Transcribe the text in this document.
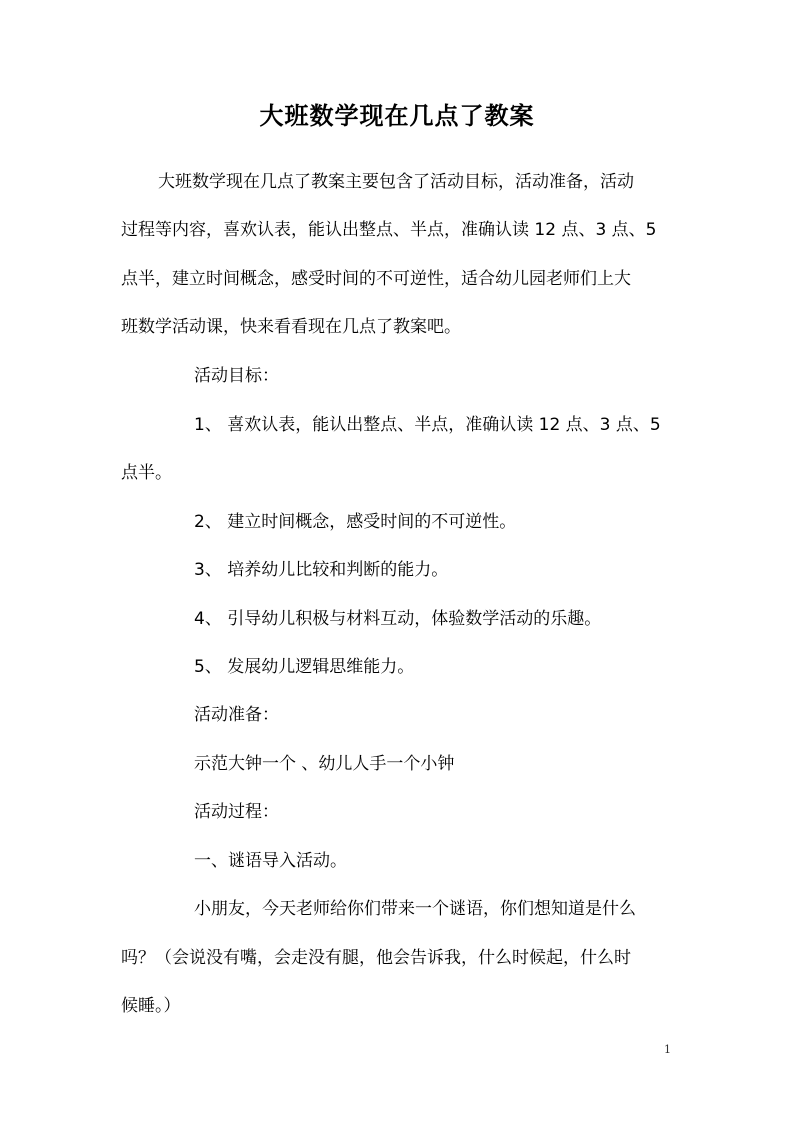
大班数学现在几点了教案
大班数学现在几点了教案主要包含了活动目标，活动准备，活动
过程等内容，喜欢认表，能认出整点、半点，准确认读 12 点、3 点、5
点半，建立时间概念，感受时间的不可逆性，适合幼儿园老师们上大
班数学活动课，快来看看现在几点了教案吧。
活动目标：
1、 喜欢认表，能认出整点、半点，准确认读 12 点、3 点、5
点半。
2、 建立时间概念，感受时间的不可逆性。
3、 培养幼儿比较和判断的能力。
4、 引导幼儿积极与材料互动，体验数学活动的乐趣。
5、 发展幼儿逻辑思维能力。
活动准备：
示范大钟一个 、幼儿人手一个小钟
活动过程：
一、谜语导入活动。
小朋友，今天老师给你们带来一个谜语，你们想知道是什么
吗？（会说没有嘴，会走没有腿，他会告诉我，什么时候起，什么时
候睡。）
1
